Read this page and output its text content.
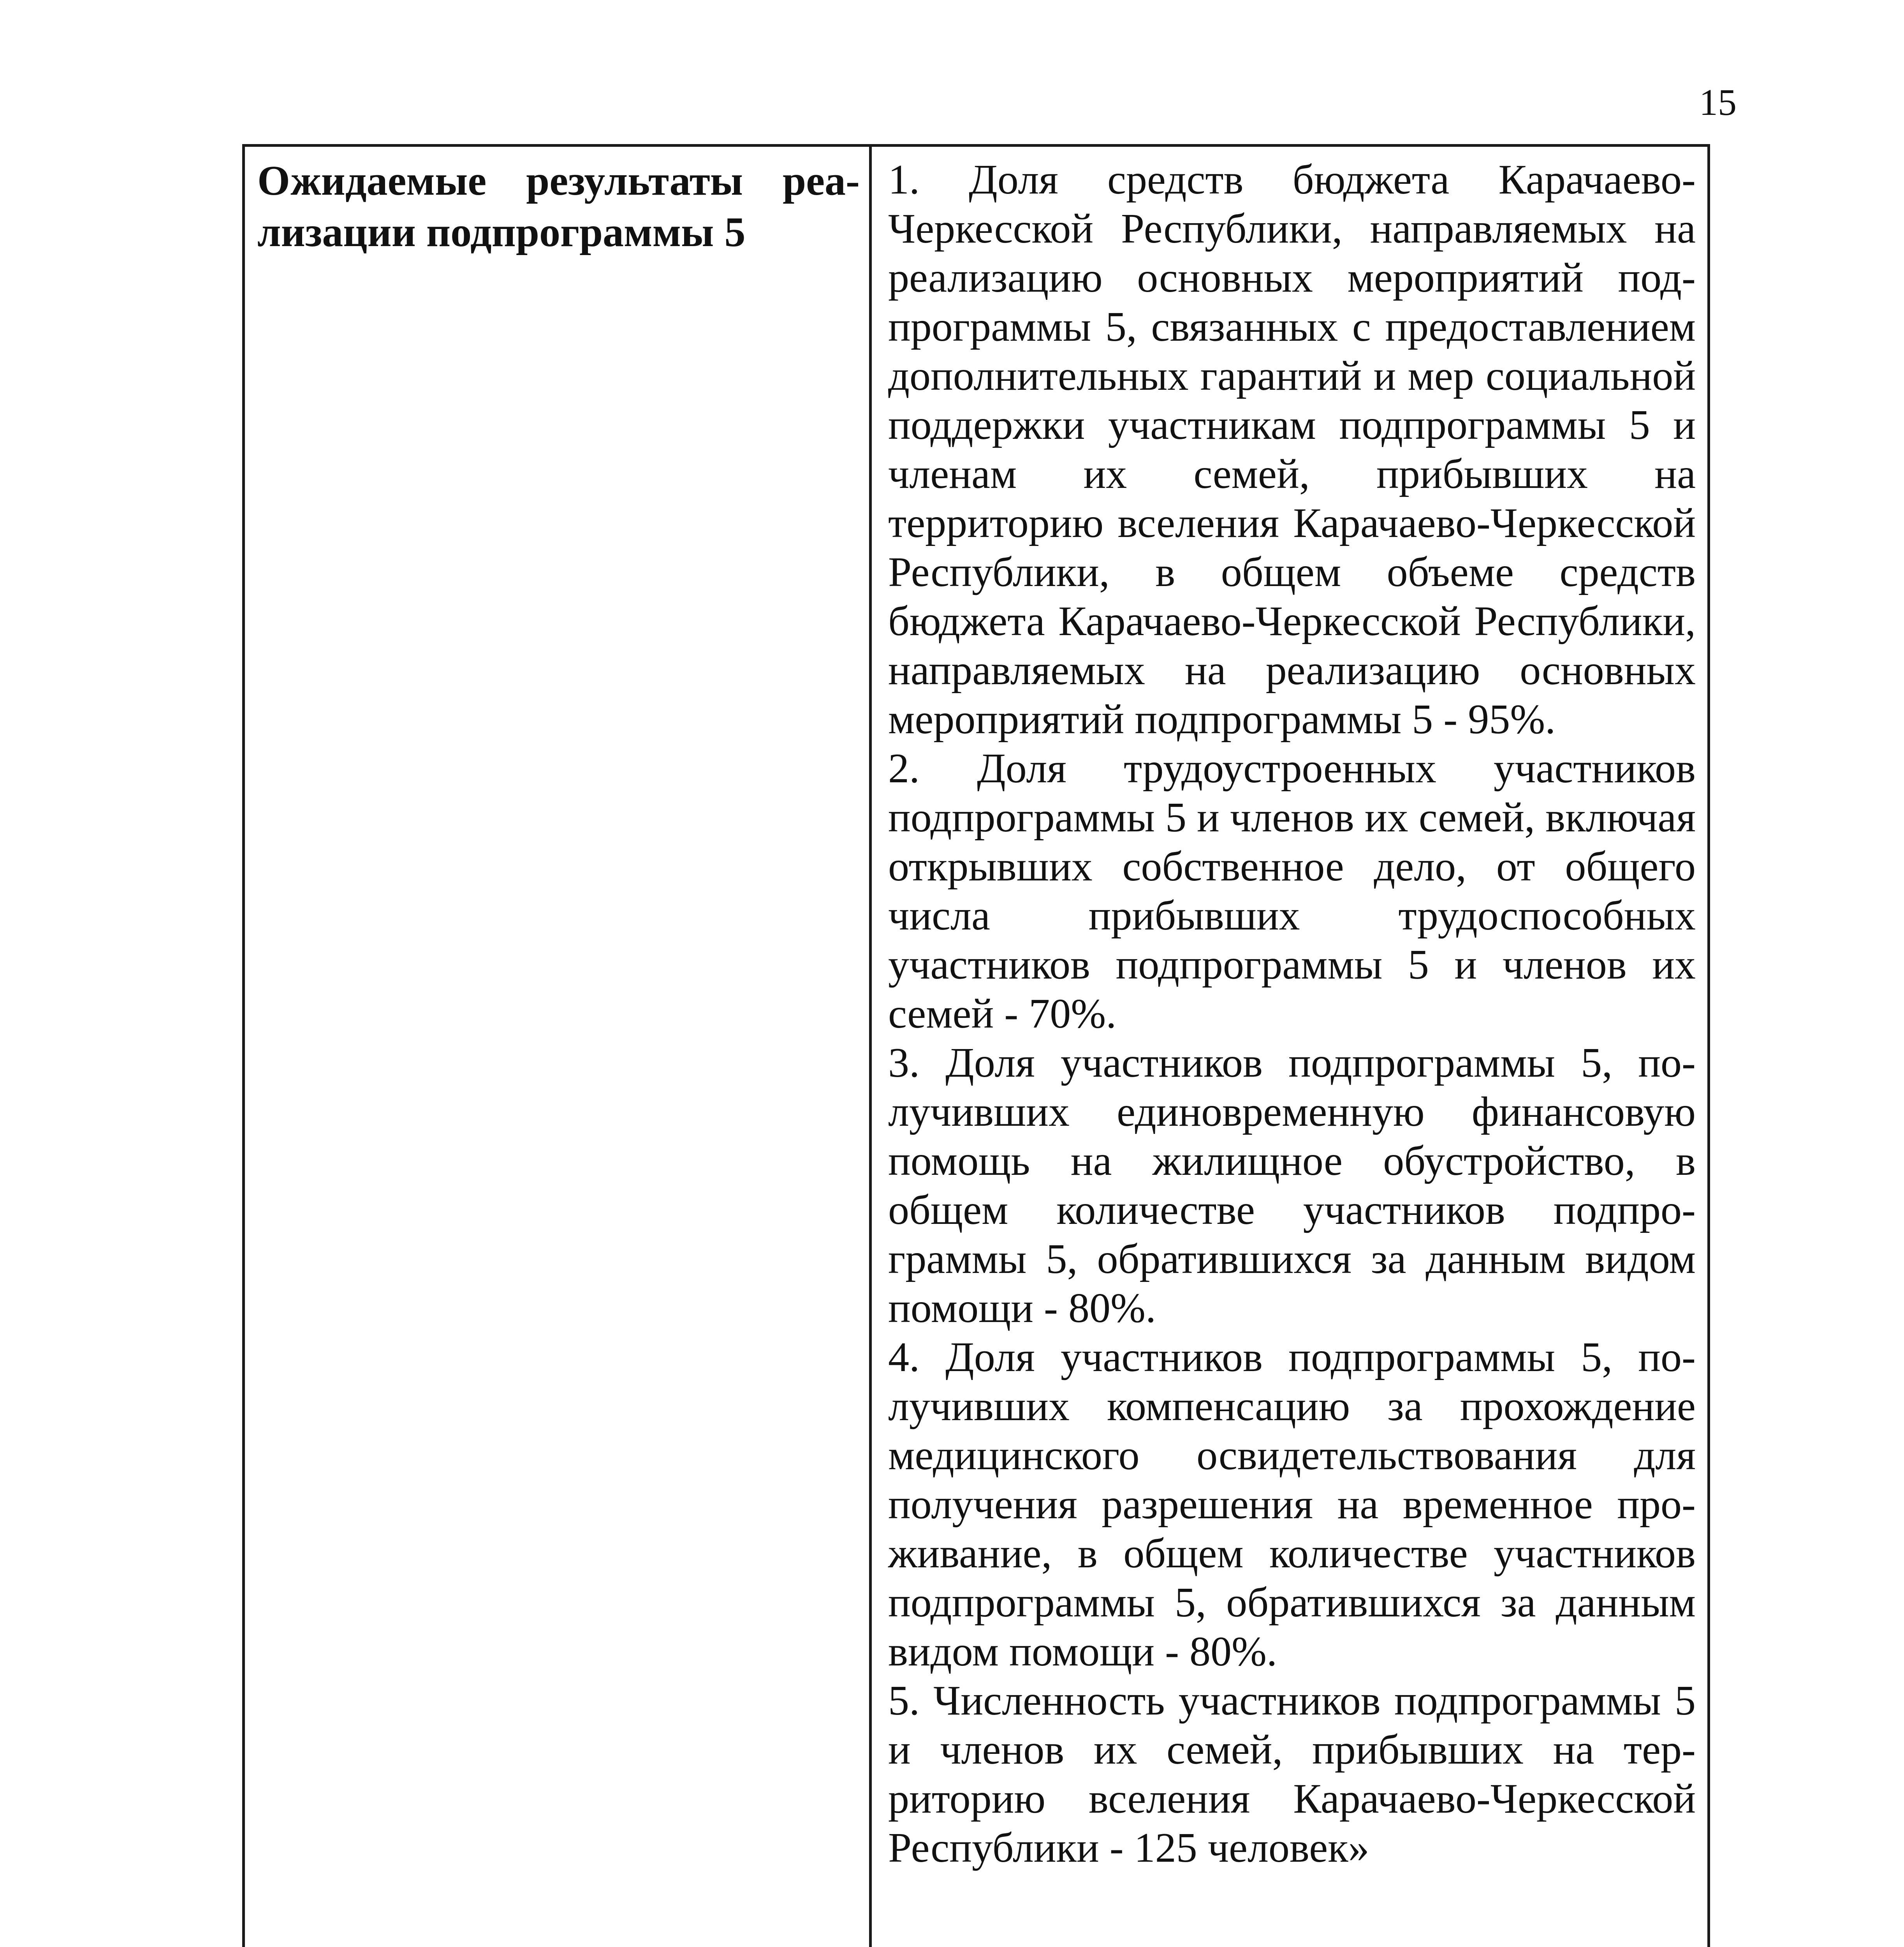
15
Ожидаемые результаты реализации подпрограммы 5

1. Доля средств бюджета Карачаево-Черкесской Республики, направляемых на реализацию основных мероприятий подпрограммы 5, связанных с предоставлением дополнительных гарантий и мер социальной поддержки участникам подпрограммы 5 и членам их семей, прибывших на территорию вселения Карачаево-Черкесской Республики, в общем объеме средств бюджета Карачаево-Черкесской Республики, направляемых на реализацию основных мероприятий подпрограммы 5 - 95%.

2. Доля трудоустроенных участников подпрограммы 5 и членов их семей, включая открывших собственное дело, от общего числа прибывших трудоспособных участников подпрограммы 5 и членов их семей - 70%.

3. Доля участников подпрограммы 5, получивших единовременную финансовую помощь на жилищное обустройство, в общем количестве участников подпрограммы 5, обратившихся за данным видом помощи - 80%.

4. Доля участников подпрограммы 5, получивших компенсацию за прохождение медицинского освидетельствования для получения разрешения на временное проживание, в общем количестве участников подпрограммы 5, обратившихся за данным видом помощи - 80%.

5. Численность участников подпрограммы 5 и членов их семей, прибывших на территорию вселения Карачаево-Черкесской Республики - 125 человек»
